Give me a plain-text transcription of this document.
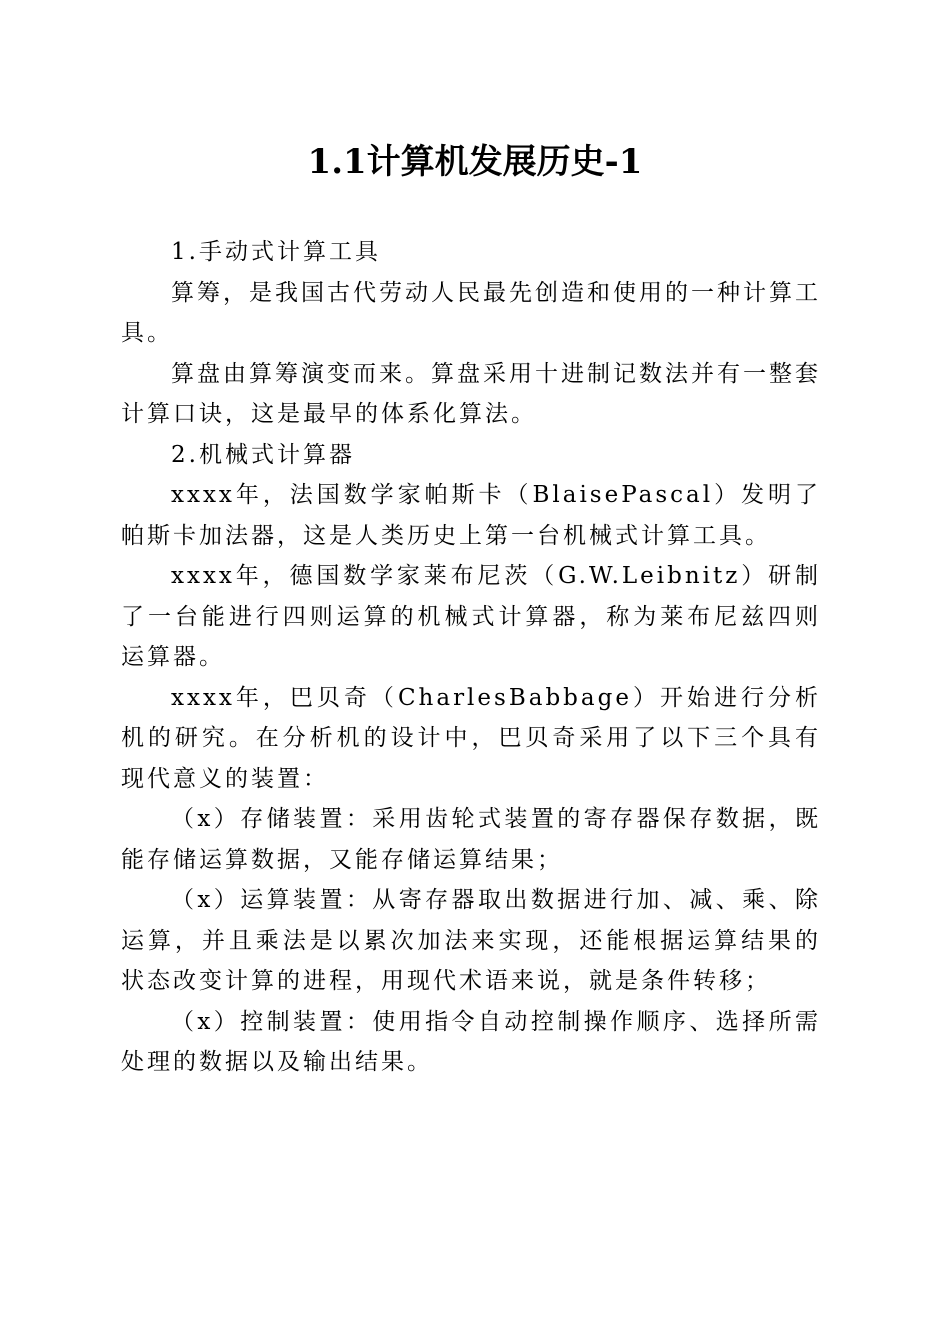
1.1计算机发展历史-1

1.手动式计算工具

算筹，是我国古代劳动人民最先创造和使用的一种计算工具。

算盘由算筹演变而来。算盘采用十进制记数法并有一整套计算口诀，这是最早的体系化算法。

2.机械式计算器

xxxx年，法国数学家帕斯卡（BlaisePascal）发明了帕斯卡加法器，这是人类历史上第一台机械式计算工具。

xxxx年，德国数学家莱布尼茨（G.W.Leibnitz）研制了一台能进行四则运算的机械式计算器，称为莱布尼兹四则运算器。

xxxx年，巴贝奇（CharlesBabbage）开始进行分析机的研究。在分析机的设计中，巴贝奇采用了以下三个具有现代意义的装置：

（x）存储装置：采用齿轮式装置的寄存器保存数据，既能存储运算数据，又能存储运算结果；

（x）运算装置：从寄存器取出数据进行加、减、乘、除运算，并且乘法是以累次加法来实现，还能根据运算结果的状态改变计算的进程，用现代术语来说，就是条件转移；

（x）控制装置：使用指令自动控制操作顺序、选择所需处理的数据以及输出结果。
